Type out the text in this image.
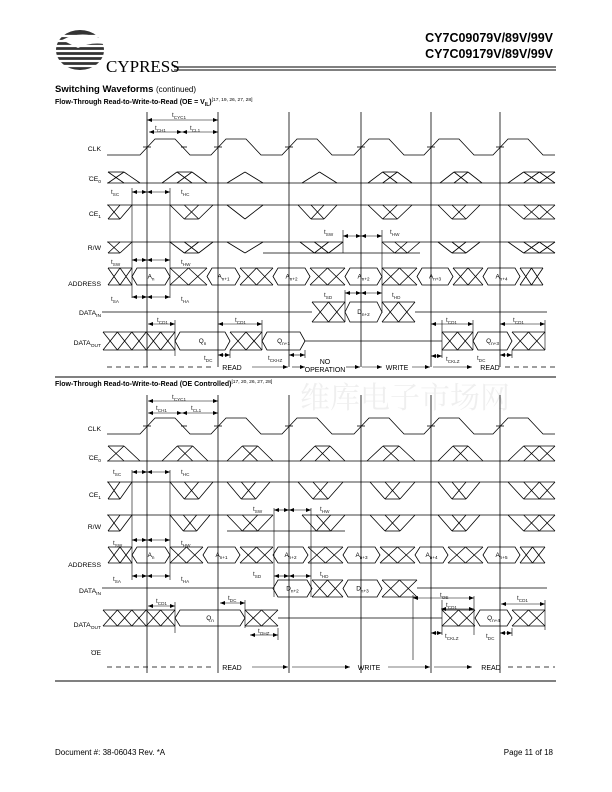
CYPRESS
维库电子市场网
Flow-Through Read-to-Write-to-Read $(OE = V_{IL})[17, 19, 26, 27, 28]$
CLK
$CE_0$
$CE_1$
R/W
ADDRESS
$DATA_{IN}$
$DATA_{OUT}$
$A_n$	$A_{n+1}$	$A_{n+2}$	$A_{n+2}$	$A_{n+3}$	$A_{n+4}$
$D_{n+2}$
$Q_n$	$Q_{n+1}$	$Q_{n+3}$
$t_{CYC1}$
$t_{CH1}$	$t_{CL1}$
$t_{SC}$	$t_{HC}$
$t_{SW}$	$t_{HW}$
$t_{SW}$	$t_{HW}$
$t_{SA}$	$t_{HA}$
$t_{SD}$	$t_{HD}$
$t_{CD1}$	$t_{CD1}$
$t_{DC}$	$t_{CKHZ}$
$t_{CD1}$
$t_{CKLZ}$	$t_{DC}$
$t_{CD1}$
READ
NO
OPERATION	WRITE	READ
Flow-Through Read-to-Write-to-Read (OE Controlled)[17, 20, 26, 27, 28]
CLK
$CE_0$
$CE_1$
R/W
ADDRESS
$DATA_{IN}$
$DATA_{OUT}$
OE
$A_n$	$A_{n+1}$	$A_{n+2}$	$A_{n+3}$	$A_{n+4}$	$A_{n+5}$
$D_{n+2}$	$D_{n+3}$
$Q_n$	$Q_{n+4}$
$t_{CYC1}$
$t_{CH1}$	$t_{CL1}$
$t_{SC}$	$t_{HC}$
$t_{SW}$	$t_{HW}$
$t_{SW}$	$t_{HW}$
$t_{SA}$	$t_{HA}$
$t_{SD}$	$t_{HD}$
$t_{CD1}$
$t_{DC}$
$t_{OE}$
$t_{CD1}$
$t_{CD1}$
$t_{OHZ}$	$t_{CKLZ}$	$t_{DC}$
READ	WRITE	READ
CY7C09079V/89V/99V
CY7C09179V/89V/99V
Switching Waveforms (continued)
Document #: 38-06043 Rev. *A	Page 11 of 18
